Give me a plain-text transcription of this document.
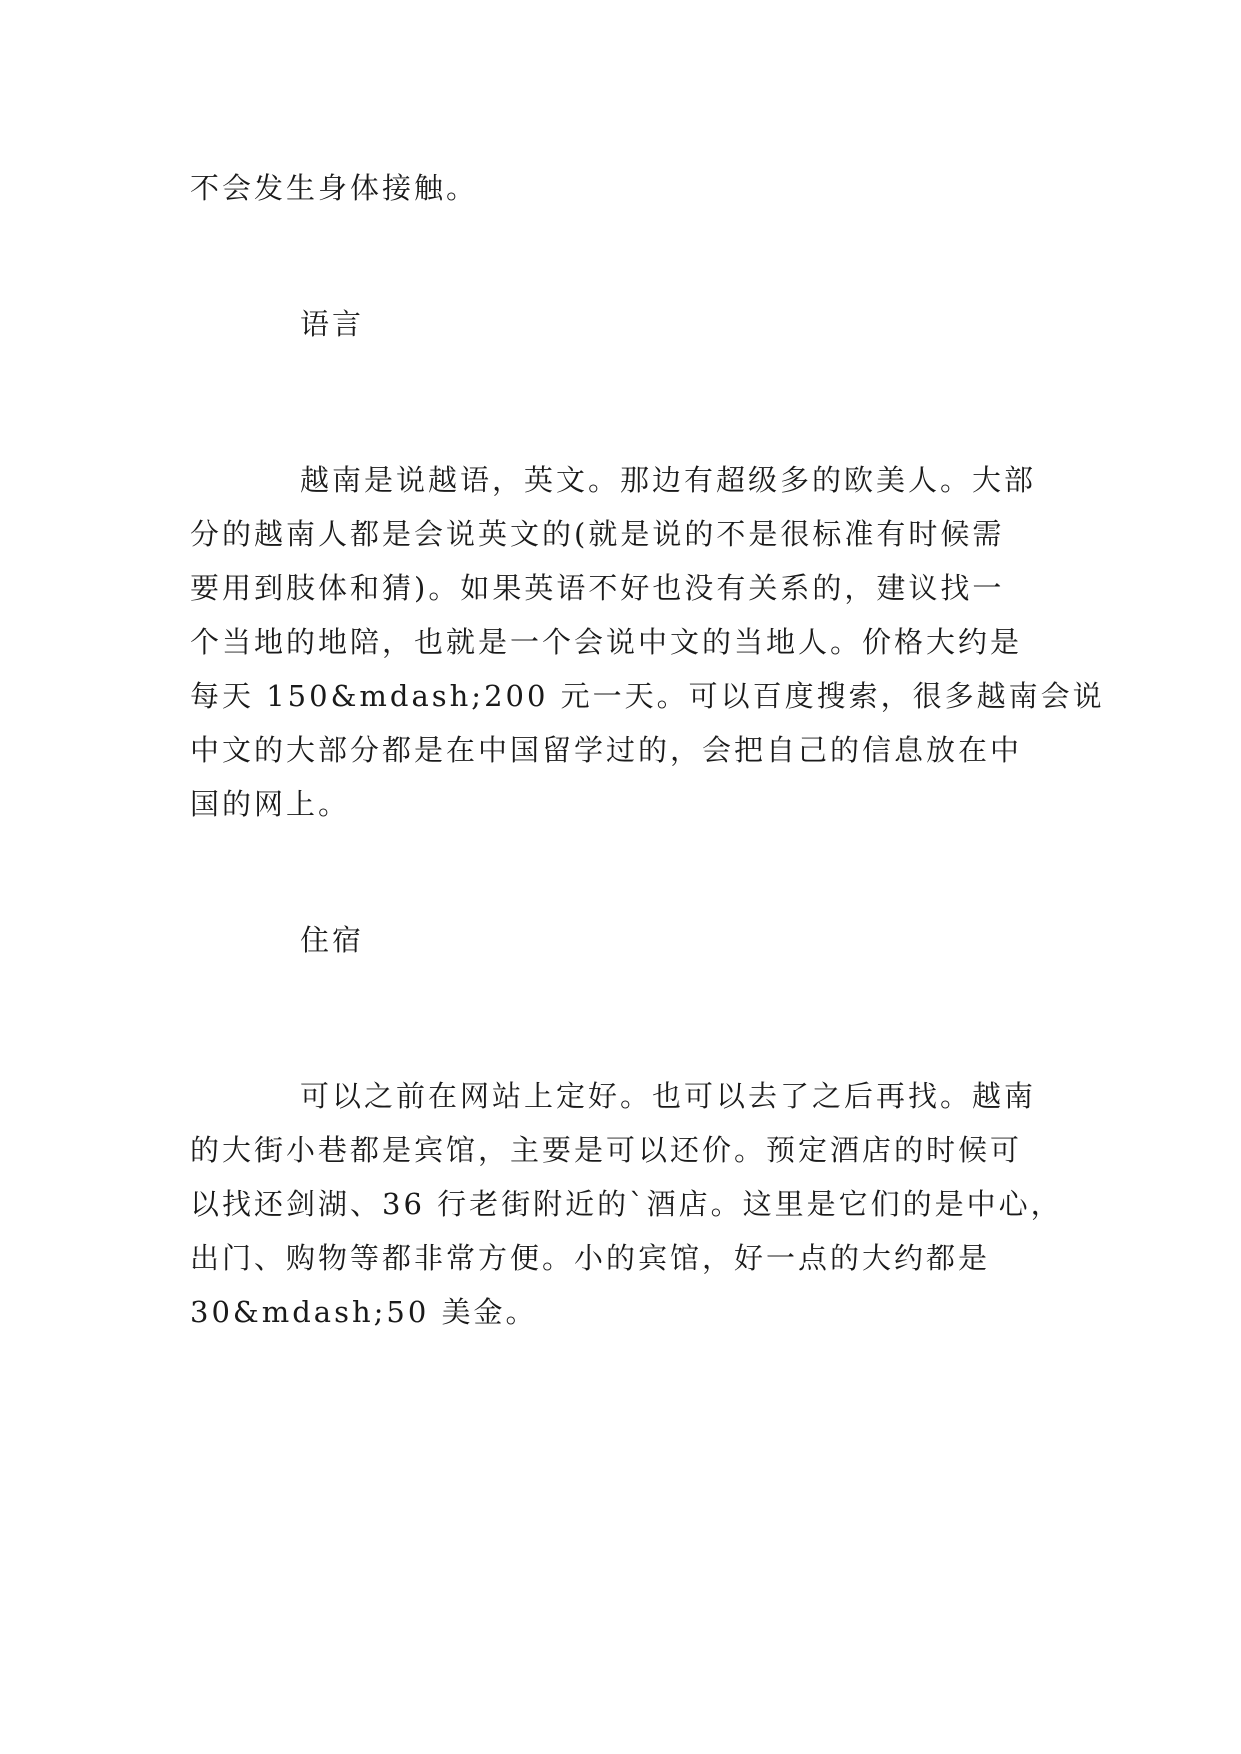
不会发生身体接触。

语言

越南是说越语，英文。那边有超级多的欧美人。大部

分的越南人都是会说英文的(就是说的不是很标准有时候需

要用到肢体和猜)。如果英语不好也没有关系的，建议找一

个当地的地陪，也就是一个会说中文的当地人。价格大约是

每天 150&mdash;200 元一天。可以百度搜索，很多越南会说

中文的大部分都是在中国留学过的，会把自己的信息放在中

国的网上。

住宿

可以之前在网站上定好。也可以去了之后再找。越南

的大街小巷都是宾馆，主要是可以还价。预定酒店的时候可

以找还剑湖、36 行老街附近的`酒店。这里是它们的是中心，

出门、购物等都非常方便。小的宾馆，好一点的大约都是

30&mdash;50 美金。
